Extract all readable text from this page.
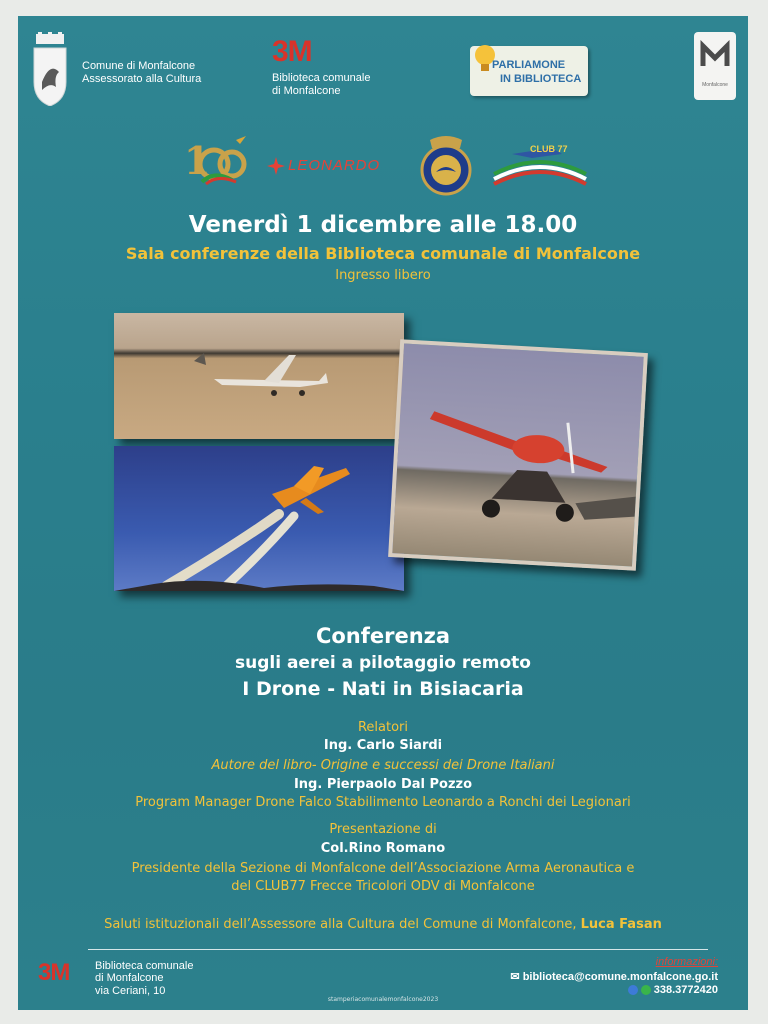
Comune di Monfalcone
Assessorato alla Cultura
3M
Biblioteca comunale
di Monfalcone
PARLIAMONE
IN BIBLIOTECA	Monfalcone
1	LEONARDO
CLUB 77
Venerdì 1 dicembre alle 18.00
Sala conferenze della Biblioteca comunale di Monfalcone
Ingresso libero
Conferenza
sugli aerei a pilotaggio remoto
I Drone - Nati in Bisiacaria
Relatori
Ing. Carlo Siardi
Autore del libro- Origine e successi dei Drone Italiani
Ing. Pierpaolo Dal Pozzo
Program Manager Drone Falco Stabilimento Leonardo a Ronchi dei Legionari
Presentazione di
Col.Rino Romano
Presidente della Sezione di Monfalcone dell’Associazione Arma Aeronautica e
del CLUB77 Frecce Tricolori ODV di Monfalcone
Saluti istituzionali dell’Assessore alla Cultura del Comune di Monfalcone, Luca Fasan
3M Biblioteca comunale
di Monfalcone
via Ceriani, 10
informazioni:
✉ biblioteca@comune.monfalcone.go.it
338.3772420
stamperiacomunalemonfalcone2023
